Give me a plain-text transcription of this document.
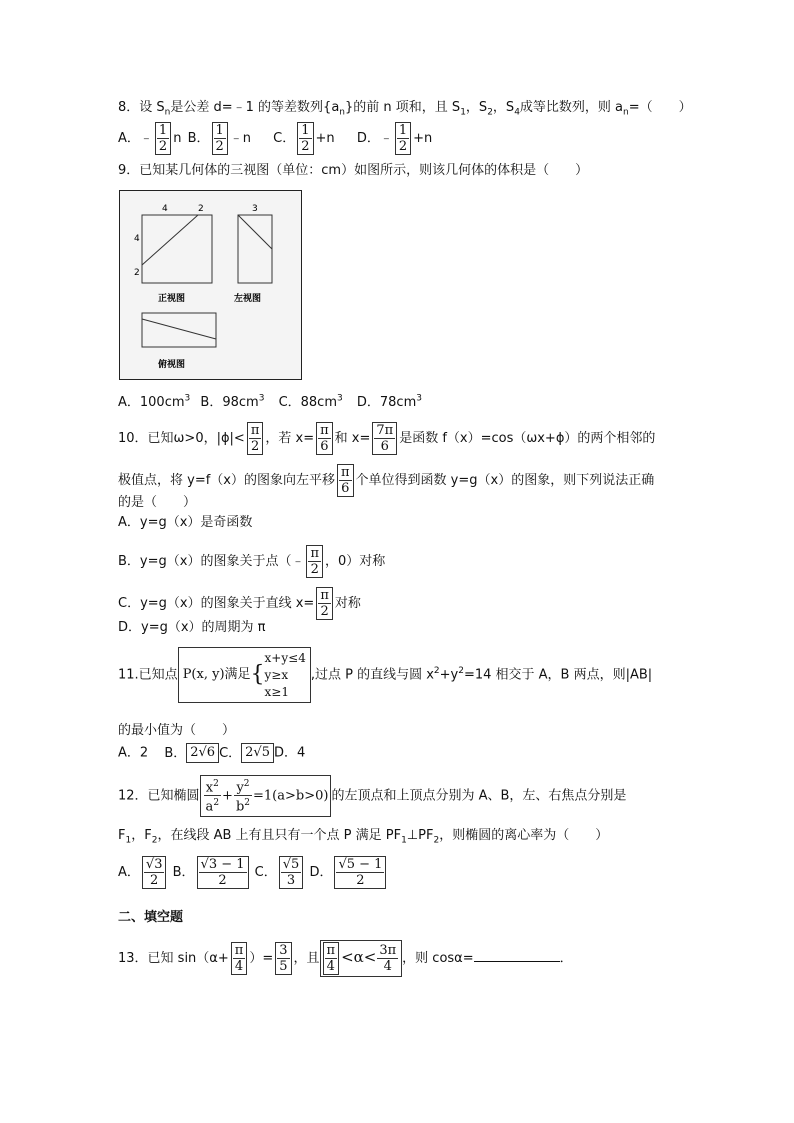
8．设 $S_n$是公差 d=﹣1 的等差数列$\{a_n\}$的前 n 项和，且 $S_1$，$S_2$，$S_4$成等比数列，则 $a_n=$（　　）
A．﹣ $\frac{1}{2}$ n B． $\frac{1}{2}$ ﹣n C． $\frac{1}{2} +n$ D．﹣ $\frac{1}{2} +n$
9．已知某几何体的三视图（单位：cm）如图所示，则该几何体的体积是（　　）
4	2
4
2
正视图
3
左视图
俯视图
A．$100cm^3$ B．$98cm^3$ C．$88cm^3$ D．$78cm^3$
10．已知ω>0，$|\phi|< \frac{\pi}{2}$ ，若 $x= \frac{\pi}{6}$ 和 $x= \frac{7\pi}{6}$ 是函数 f（x）=cos（ωx+ϕ）的两个相邻的
极值点，将 y=f（x）的图象向左平移 $\frac{\pi}{6}$ 个单位得到函数 y=g（x）的图象，则下列说法正确
的是（　　）
A．y=g（x）是奇函数
B．y=g（x）的图象关于点（﹣ $\frac{\pi}{2}$ ，0）对称
C．y=g（x）的图象关于直线 $x= \frac{\pi}{2}$ 对称
D．y=g（x）的周期为 π
11.已知点 P(x, y)满足{
x+y≤4
y≥x
x≥1
,过点 P 的直线与圆 $x^2+y^2=14$ 相交于 A，B 两点，则|AB|
的最小值为（　　）
A．2 B． 2√6 C． 2√5 D．4
12．已知椭圆 $\frac{x^2}{a^2} + \frac{y^2}{b^2} =1(a>b>0)$ 的左顶点和上顶点分别为 A、B，左、右焦点分别是
$F_1$，$F_2$，在线段 AB 上有且只有一个点 P 满足 $PF_1\perp PF_2$，则椭圆的离心率为（　　）
A． $\frac{√3}{2}$ B． $\frac{√3 - 1}{2}$ C． $\frac{√5}{3}$ D． $\frac{√5 - 1}{2}$
二、填空题
13．已知 $\sin(\alpha+ \frac{\pi}{4}$ ）= $\frac{3}{5}$ ，且 $\frac{\pi}{4} <\alpha< \frac{3\pi}{4}$ ，则 cosα=	．
